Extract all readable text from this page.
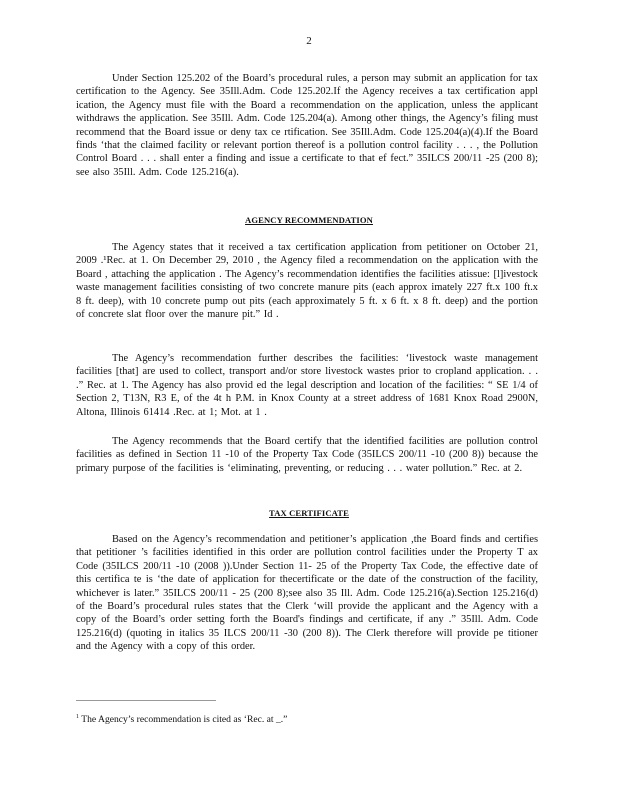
2

Under Section 125.202 of the Board’s procedural rules, a person may submit an application for tax certification to the Agency. See 35Ill.Adm. Code 125.202.If the Agency receives a tax certification appl ication, the Agency must file with the Board a recommendation on the application, unless the applicant withdraws the application. See 35Ill. Adm. Code 125.204(a). Among other things, the Agency’s filing must recommend that the Board issue or deny tax ce rtification. See 35Ill.Adm. Code 125.204(a)(4).If the Board finds ‘that the claimed facility or relevant portion thereof is a pollution control facility . . . , the Pollution Control Board . . . shall enter a finding and issue a certificate to that ef fect.” 35ILCS 200/11 -25 (200 8); see also 35Ill. Adm. Code 125.216(a).

AGENCY RECOMMENDATION

The Agency states that it received a tax certification application from petitioner on October 21, 2009 .¹Rec. at 1. On December 29, 2010 , the Agency filed a recommendation on the application with the Board , attaching the application . The Agency’s recommendation identifies the facilities atissue: [l]ivestock waste management facilities consisting of two concrete manure pits (each approx imately 227 ft.x 100 ft.x 8 ft. deep), with 10 concrete pump out pits (each approximately 5 ft. x 6 ft. x 8 ft. deep) and the portion of concrete slat floor over the manure pit.” Id .

The Agency’s recommendation further describes the facilities: ‘livestock waste management facilities [that] are used to collect, transport and/or store livestock wastes prior to cropland application. . . .” Rec. at 1. The Agency has also provid ed the legal description and location of the facilities: “ SE 1/4 of Section 2, T13N, R3 E, of the 4t h P.M. in Knox County at a street address of 1681 Knox Road 2900N, Altona, Illinois 61414 .Rec. at 1; Mot. at 1 .

The Agency recommends that the Board certify that the identified facilities are pollution control facilities as defined in Section 11 -10 of the Property Tax Code (35ILCS 200/11 -10 (200 8)) because the primary purpose of the facilities is ‘eliminating, preventing, or reducing . . . water pollution.” Rec. at 2.

TAX CERTIFICATE

Based on the Agency’s recommendation and petitioner’s application ,the Board finds and certifies that petitioner ’s facilities identified in this order are pollution control facilities under the Property T ax Code (35ILCS 200/11 -10 (2008 )).Under Section 11- 25 of the Property Tax Code, the effective date of this certifica te is ‘the date of application for thecertificate or the date of the construction of the facility, whichever is later.” 35ILCS 200/11 - 25 (200 8);see also 35 Ill. Adm. Code 125.216(a).Section 125.216(d) of the Board’s procedural rules states that the Clerk ‘will provide the applicant and the Agency with a copy of the Board’s order setting forth the Board's findings and certificate, if any .” 35Ill. Adm. Code 125.216(d) (quoting in italics 35 ILCS 200/11 -30 (200 8)). The Clerk therefore will provide pe titioner and the Agency with a copy of this order.

$^1$ The Agency’s recommendation is cited as ‘Rec. at _.”
